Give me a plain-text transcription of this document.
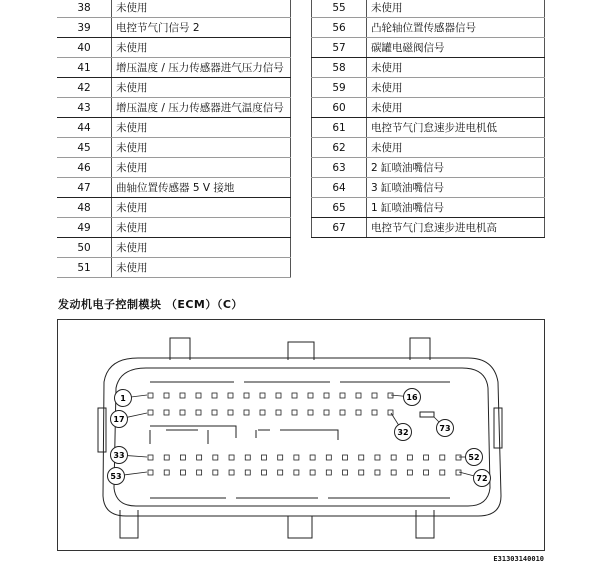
38	未使用
39	电控节气门信号 2
40	未使用
41	增压温度 / 压力传感器进气压力信号
42	未使用
43	增压温度 / 压力传感器进气温度信号
44	未使用
45	未使用
46	未使用
47	曲轴位置传感器 5 V 接地
48	未使用
49	未使用
50	未使用
51	未使用
55	未使用
56	凸轮轴位置传感器信号
57	碳罐电磁阀信号
58	未使用
59	未使用
60	未使用
61	电控节气门怠速步进电机低
62	未使用
63	2 缸喷油嘴信号
64	3 缸喷油嘴信号
65	1 缸喷油嘴信号
67	电控节气门怠速步进电机高
发动机电子控制模块 （ECM）（C）
1	16
17
32	73
33	52
53	72
E31303140010
